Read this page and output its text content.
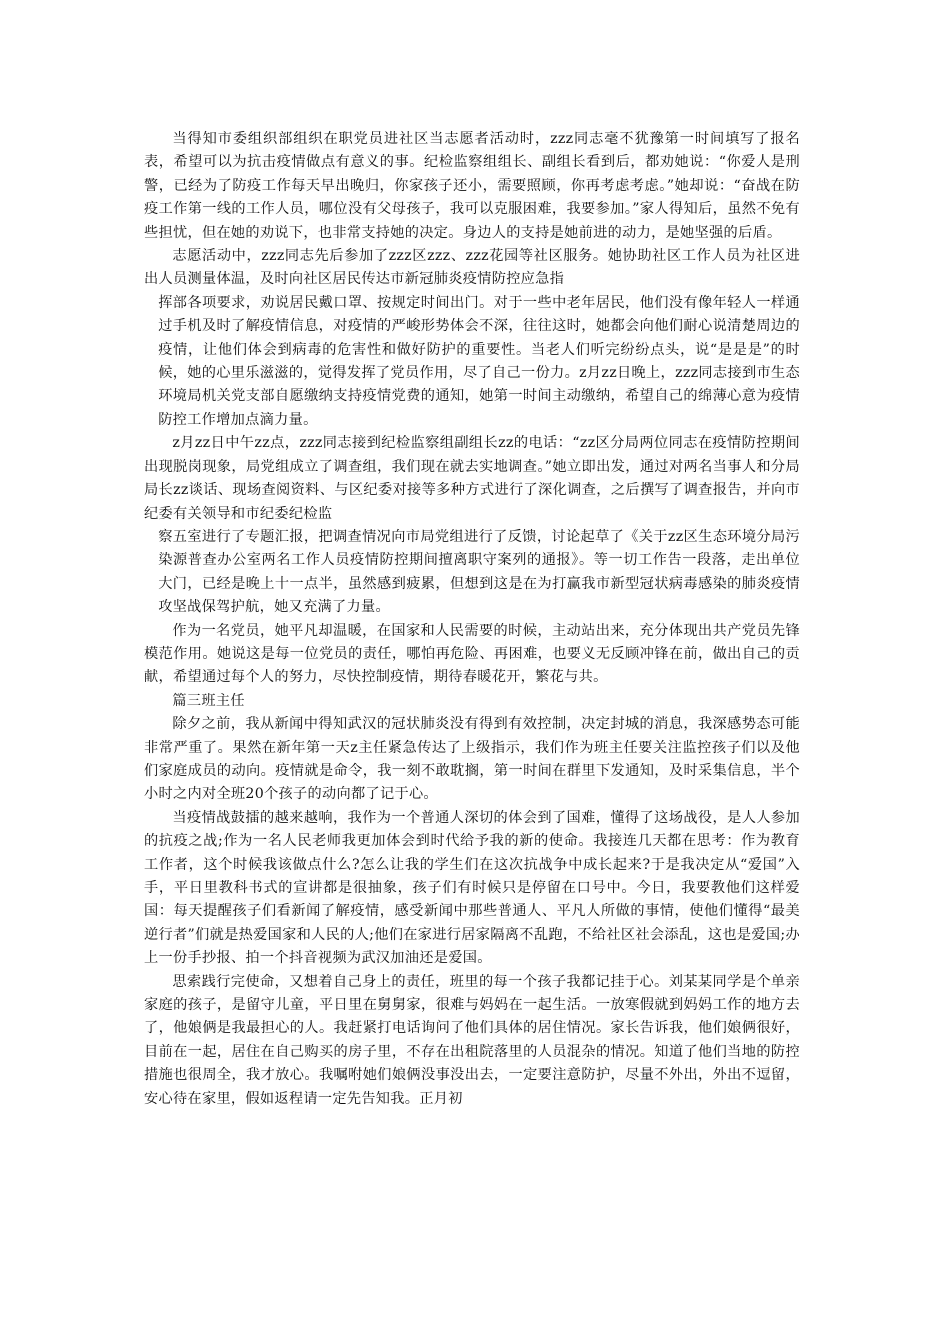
当得知市委组织部组织在职党员进社区当志愿者活动时，zzz同志毫不犹豫第一时间填写了报名表，希望可以为抗击疫情做点有意义的事。纪检监察组组长、副组长看到后，都劝她说：“你爱人是刑警，已经为了防疫工作每天早出晚归，你家孩子还小，需要照顾，你再考虑考虑。”她却说：“奋战在防疫工作第一线的工作人员，哪位没有父母孩子，我可以克服困难，我要参加。”家人得知后，虽然不免有些担忧，但在她的劝说下，也非常支持她的决定。身边人的支持是她前进的动力，是她坚强的后盾。

志愿活动中，zzz同志先后参加了zzz区zzz、zzz花园等社区服务。她协助社区工作人员为社区进出人员测量体温，及时向社区居民传达市新冠肺炎疫情防控应急指

挥部各项要求，劝说居民戴口罩、按规定时间出门。对于一些中老年居民，他们没有像年轻人一样通过手机及时了解疫情信息，对疫情的严峻形势体会不深，往往这时，她都会向他们耐心说清楚周边的疫情，让他们体会到病毒的危害性和做好防护的重要性。当老人们听完纷纷点头，说“是是是”的时候，她的心里乐滋滋的，觉得发挥了党员作用，尽了自己一份力。z月zz日晚上，zzz同志接到市生态环境局机关党支部自愿缴纳支持疫情党费的通知，她第一时间主动缴纳，希望自己的绵薄心意为疫情防控工作增加点滴力量。

z月zz日中午zz点，zzz同志接到纪检监察组副组长zz的电话：“zz区分局两位同志在疫情防控期间出现脱岗现象，局党组成立了调查组，我们现在就去实地调查。”她立即出发，通过对两名当事人和分局局长zz谈话、现场查阅资料、与区纪委对接等多种方式进行了深化调查，之后撰写了调查报告，并向市纪委有关领导和市纪委纪检监

察五室进行了专题汇报，把调查情况向市局党组进行了反馈，讨论起草了《关于zz区生态环境分局污染源普查办公室两名工作人员疫情防控期间擅离职守案列的通报》。等一切工作告一段落，走出单位大门，已经是晚上十一点半，虽然感到疲累，但想到这是在为打赢我市新型冠状病毒感染的肺炎疫情攻坚战保驾护航，她又充满了力量。

作为一名党员，她平凡却温暖，在国家和人民需要的时候，主动站出来，充分体现出共产党员先锋模范作用。她说这是每一位党员的责任，哪怕再危险、再困难，也要义无反顾冲锋在前，做出自己的贡献，希望通过每个人的努力，尽快控制疫情，期待春暖花开，繁花与共。

篇三班主任

除夕之前，我从新闻中得知武汉的冠状肺炎没有得到有效控制，决定封城的消息，我深感势态可能非常严重了。果然在新年第一天z主任紧急传达了上级指示，我们作为班主任要关注监控孩子们以及他们家庭成员的动向。疫情就是命令，我一刻不敢耽搁，第一时间在群里下发通知，及时采集信息，半个小时之内对全班20个孩子的动向都了记于心。

当疫情战鼓擂的越来越响，我作为一个普通人深切的体会到了国难，懂得了这场战役，是人人参加的抗疫之战;作为一名人民老师我更加体会到时代给予我的新的使命。我接连几天都在思考：作为教育工作者，这个时候我该做点什么?怎么让我的学生们在这次抗战争中成长起来?于是我决定从“爱国”入手，平日里教科书式的宣讲都是很抽象，孩子们有时候只是停留在口号中。今日，我要教他们这样爱国：每天提醒孩子们看新闻了解疫情，感受新闻中那些普通人、平凡人所做的事情，使他们懂得“最美逆行者”们就是热爱国家和人民的人;他们在家进行居家隔离不乱跑，不给社区社会添乱，这也是爱国;办上一份手抄报、拍一个抖音视频为武汉加油还是爱国。

思索践行完使命，又想着自己身上的责任，班里的每一个孩子我都记挂于心。刘某某同学是个单亲家庭的孩子，是留守儿童，平日里在舅舅家，很难与妈妈在一起生活。一放寒假就到妈妈工作的地方去了，他娘俩是我最担心的人。我赶紧打电话询问了他们具体的居住情况。家长告诉我，他们娘俩很好，目前在一起，居住在自己购买的房子里，不存在出租院落里的人员混杂的情况。知道了他们当地的防控措施也很周全，我才放心。我嘱咐她们娘俩没事没出去，一定要注意防护，尽量不外出，外出不逗留，安心待在家里，假如返程请一定先告知我。正月初
